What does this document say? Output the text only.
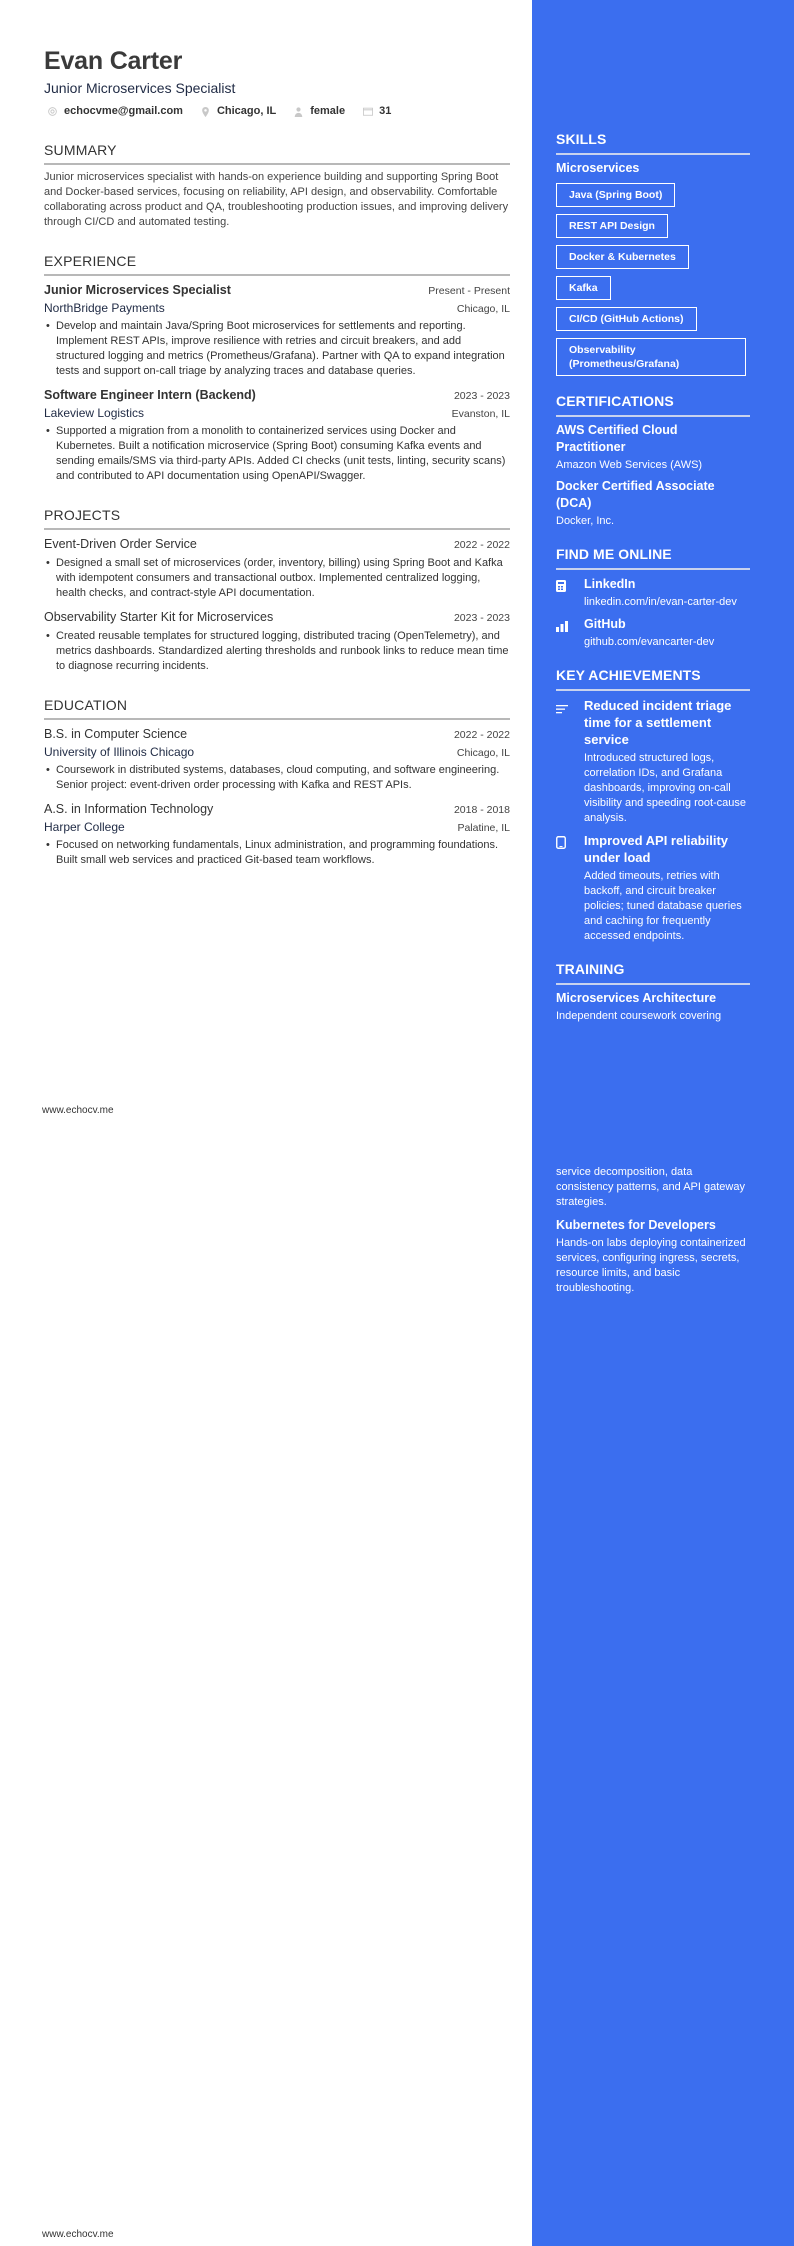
Evan Carter
Junior Microservices Specialist
echocvme@gmail.com	Chicago, IL	female	31
SUMMARY
Junior microservices specialist with hands-on experience building and supporting Spring Boot and Docker-based services, focusing on reliability, API design, and observability. Comfortable collaborating across product and QA, troubleshooting production issues, and improving delivery through CI/CD and automated testing.
EXPERIENCE
Junior Microservices Specialist	Present - Present
NorthBridge Payments	Chicago, IL
• Develop and maintain Java/Spring Boot microservices for settlements and reporting. Implement REST APIs, improve resilience with retries and circuit breakers, and add structured logging and metrics (Prometheus/Grafana). Partner with QA to expand integration tests and support on-call triage by analyzing traces and database queries.
Software Engineer Intern (Backend)	2023 - 2023
Lakeview Logistics	Evanston, IL
• Supported a migration from a monolith to containerized services using Docker and Kubernetes. Built a notification microservice (Spring Boot) consuming Kafka events and sending emails/SMS via third-party APIs. Added CI checks (unit tests, linting, security scans) and contributed to API documentation using OpenAPI/Swagger.
PROJECTS
Event-Driven Order Service	2022 - 2022
• Designed a small set of microservices (order, inventory, billing) using Spring Boot and Kafka with idempotent consumers and transactional outbox. Implemented centralized logging, health checks, and contract-style API documentation.
Observability Starter Kit for Microservices	2023 - 2023
• Created reusable templates for structured logging, distributed tracing (OpenTelemetry), and metrics dashboards. Standardized alerting thresholds and runbook links to reduce mean time to diagnose recurring incidents.
EDUCATION
B.S. in Computer Science	2022 - 2022
University of Illinois Chicago	Chicago, IL
• Coursework in distributed systems, databases, cloud computing, and software engineering. Senior project: event-driven order processing with Kafka and REST APIs.
A.S. in Information Technology	2018 - 2018
Harper College	Palatine, IL
• Focused on networking fundamentals, Linux administration, and programming foundations. Built small web services and practiced Git-based team workflows.
www.echocv.me
www.echocv.me
SKILLS
Microservices
Java (Spring Boot)
REST API Design
Docker & Kubernetes
Kafka
CI/CD (GitHub Actions)
Observability (Prometheus/Grafana)
CERTIFICATIONS
AWS Certified Cloud Practitioner
Amazon Web Services (AWS)
Docker Certified Associate (DCA)
Docker, Inc.
FIND ME ONLINE
LinkedIn
linkedin.com/in/evan-carter-dev
GitHub
github.com/evancarter-dev
KEY ACHIEVEMENTS
Reduced incident triage time for a settlement service
Introduced structured logs, correlation IDs, and Grafana dashboards, improving on-call visibility and speeding root-cause analysis.
Improved API reliability under load
Added timeouts, retries with backoff, and circuit breaker policies; tuned database queries and caching for frequently accessed endpoints.
TRAINING
Microservices Architecture
Independent coursework covering
service decomposition, data consistency patterns, and API gateway strategies.
Kubernetes for Developers
Hands-on labs deploying containerized services, configuring ingress, secrets, resource limits, and basic troubleshooting.
